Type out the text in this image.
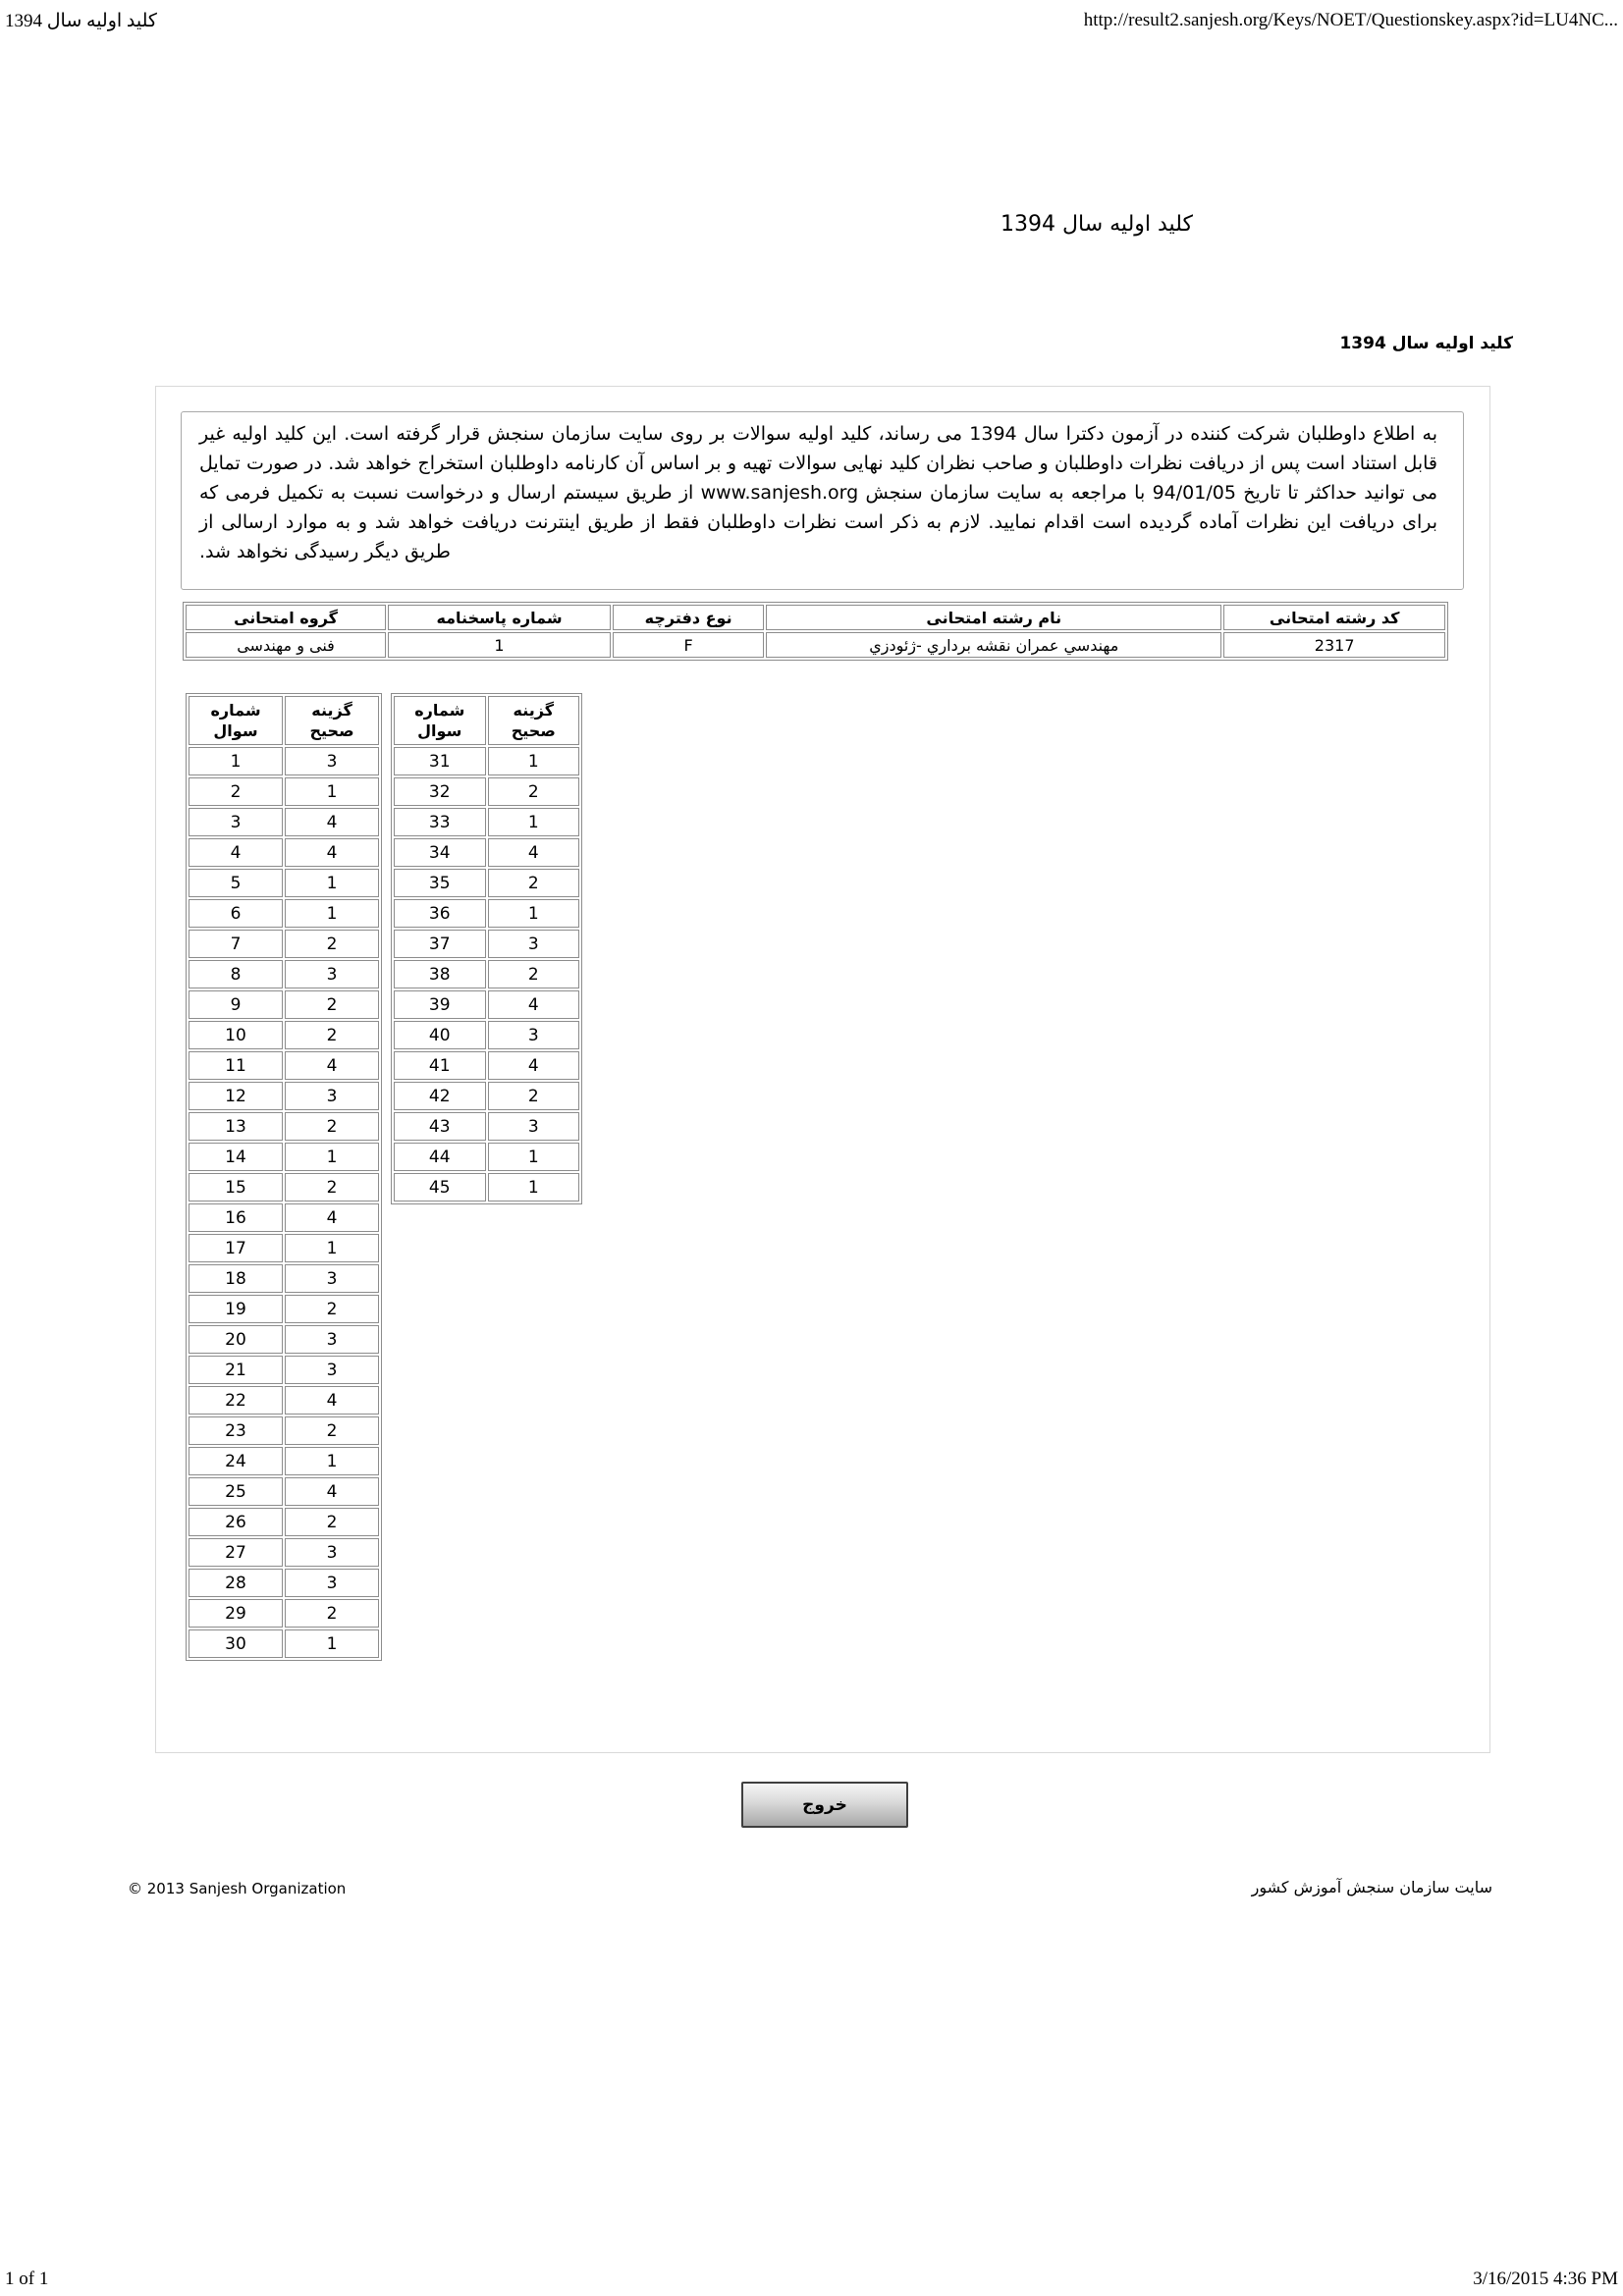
کلید اولیه سال 1394	http://result2.sanjesh.org/Keys/NOET/Questionskey.aspx?id=LU4NC...
کلید اولیه سال 1394
کلید اولیه سال 1394
به اطلاع داوطلبان شرکت کننده در آزمون دکترا سال 1394 می رساند، کلید اولیه سوالات بر روی سایت سازمان سنجش قرار گرفته است. این کلید اولیه غیر قابل استناد است پس از دریافت نظرات داوطلبان و صاحب نظران کلید نهایی سوالات تهیه و بر اساس آن کارنامه داوطلبان استخراج خواهد شد. در صورت تمایل می توانید حداکثر تا تاریخ 94/01/05 با مراجعه به سایت سازمان سنجش www.sanjesh.org از طریق سیستم ارسال و درخواست نسبت به تکمیل فرمی که برای دریافت این نظرات آماده گردیده است اقدام نمایید. لازم به ذکر است نظرات داوطلبان فقط از طریق اینترنت دریافت خواهد شد و به موارد ارسالی از طریق دیگر رسیدگی نخواهد شد.
کد رشته امتحانی	نام رشته امتحانی	نوع دفترچه	شماره پاسخنامه	گروه امتحانی
2317	مهندسي عمران نقشه برداري -ژئودزي	F	1	فنی و مهندسی
شماره سوال	گزینه صحیح
1	3
2	1
3	4
4	4
5	1
6	1
7	2
8	3
9	2
10	2
11	4
12	3
13	2
14	1
15	2
16	4
17	1
18	3
19	2
20	3
21	3
22	4
23	2
24	1
25	4
26	2
27	3
28	3
29	2
30	1
شماره سوال	گزینه صحیح
31	1
32	2
33	1
34	4
35	2
36	1
37	3
38	2
39	4
40	3
41	4
42	2
43	3
44	1
45	1
خروج
© 2013 Sanjesh Organization	سایت سازمان سنجش آموزش کشور
1 of 1	3/16/2015 4:36 PM
